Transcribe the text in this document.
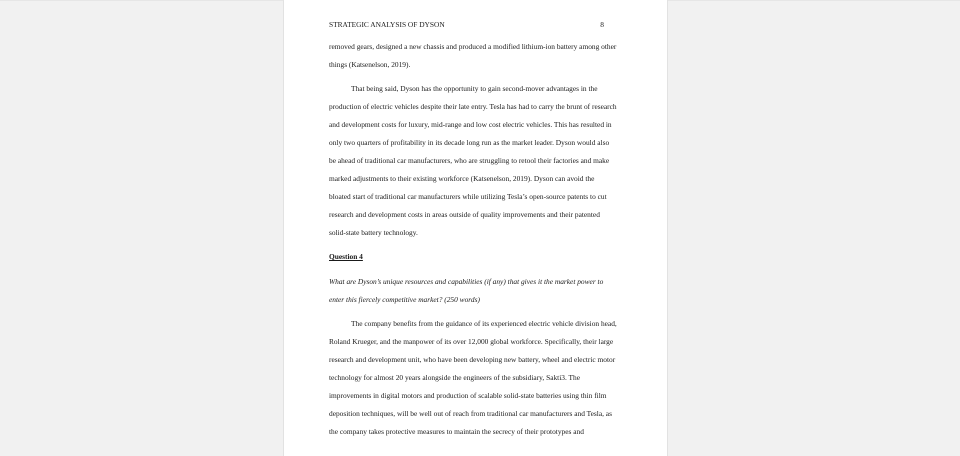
STRATEGIC ANALYSIS OF DYSON	8
removed gears, designed a new chassis and produced a modified lithium-ion battery among other
things (Katsenelson, 2019).
That being said, Dyson has the opportunity to gain second-mover advantages in the
production of electric vehicles despite their late entry. Tesla has had to carry the brunt of research
and development costs for luxury, mid-range and low cost electric vehicles. This has resulted in
only two quarters of profitability in its decade long run as the market leader. Dyson would also
be ahead of traditional car manufacturers, who are struggling to retool their factories and make
marked adjustments to their existing workforce (Katsenelson, 2019). Dyson can avoid the
bloated start of traditional car manufacturers while utilizing Tesla’s open-source patents to cut
research and development costs in areas outside of quality improvements and their patented
solid-state battery technology.
Question 4
What are Dyson’s unique resources and capabilities (if any) that gives it the market power to
enter this fiercely competitive market? (250 words)
The company benefits from the guidance of its experienced electric vehicle division head,
Roland Krueger, and the manpower of its over 12,000 global workforce. Specifically, their large
research and development unit, who have been developing new battery, wheel and electric motor
technology for almost 20 years alongside the engineers of the subsidiary, Sakti3. The
improvements in digital motors and production of scalable solid-state batteries using thin film
deposition techniques, will be well out of reach from traditional car manufacturers and Tesla, as
the company takes protective measures to maintain the secrecy of their prototypes and
